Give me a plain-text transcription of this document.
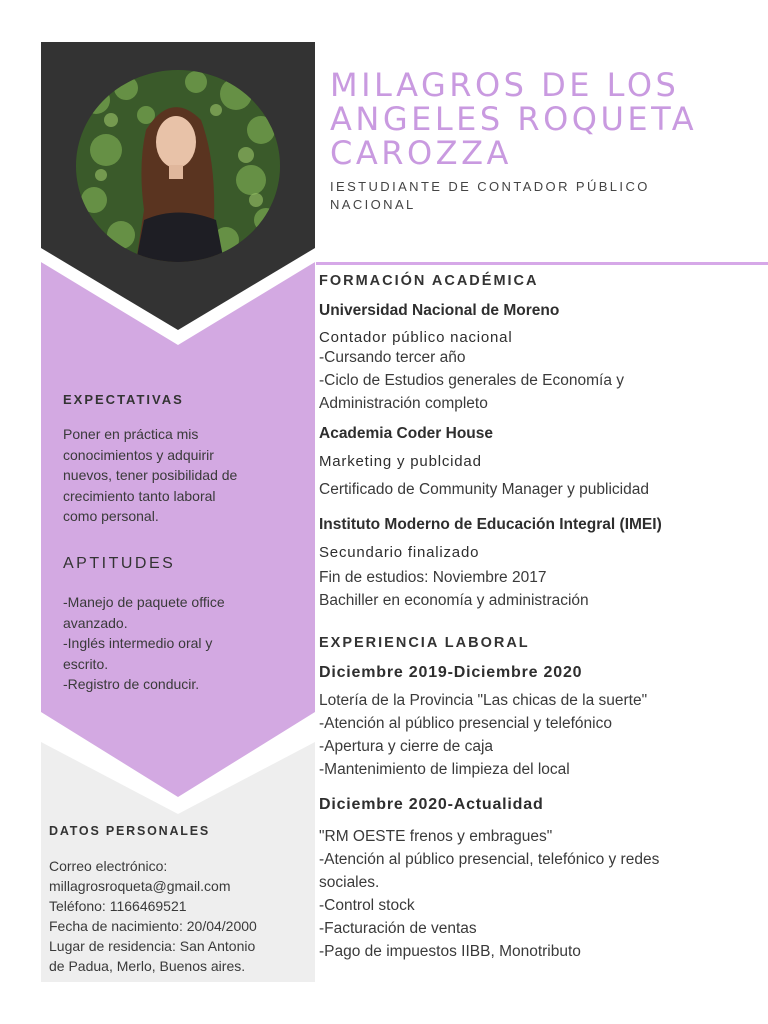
MILAGROS DE LOS
ANGELES ROQUETA
CAROZZA
IESTUDIANTE DE CONTADOR PÚBLICO
NACIONAL
EXPECTATIVAS
Poner en práctica mis
conocimientos y adquirir
nuevos, tener posibilidad de
crecimiento tanto laboral
como personal.
APTITUDES
-Manejo de paquete office
avanzado.
-Inglés intermedio oral y
escrito.
-Registro de conducir.
DATOS PERSONALES
Correo electrónico:
millagrosroqueta@gmail.com
Teléfono: 1166469521
Fecha de nacimiento: 20/04/2000
Lugar de residencia: San Antonio
de Padua, Merlo, Buenos aires.
FORMACIÓN ACADÉMICA
Universidad Nacional de Moreno
Contador público nacional
-Cursando tercer año
-Ciclo de Estudios generales de Economía y
Administración completo
Academia Coder House
Marketing y publcidad
Certificado de Community Manager y publicidad
Instituto Moderno de Educación Integral (IMEI)
Secundario finalizado
Fin de estudios: Noviembre 2017
Bachiller en economía y administración
EXPERIENCIA LABORAL
Diciembre 2019-Diciembre 2020
Lotería de la Provincia "Las chicas de la suerte"
-Atención al público presencial y telefónico
-Apertura y cierre de caja
-Mantenimiento de limpieza del local
Diciembre 2020-Actualidad
"RM OESTE frenos y embragues"
-Atención al público presencial, telefónico y redes
sociales.
-Control stock
-Facturación de ventas
-Pago de impuestos IIBB, Monotributo
